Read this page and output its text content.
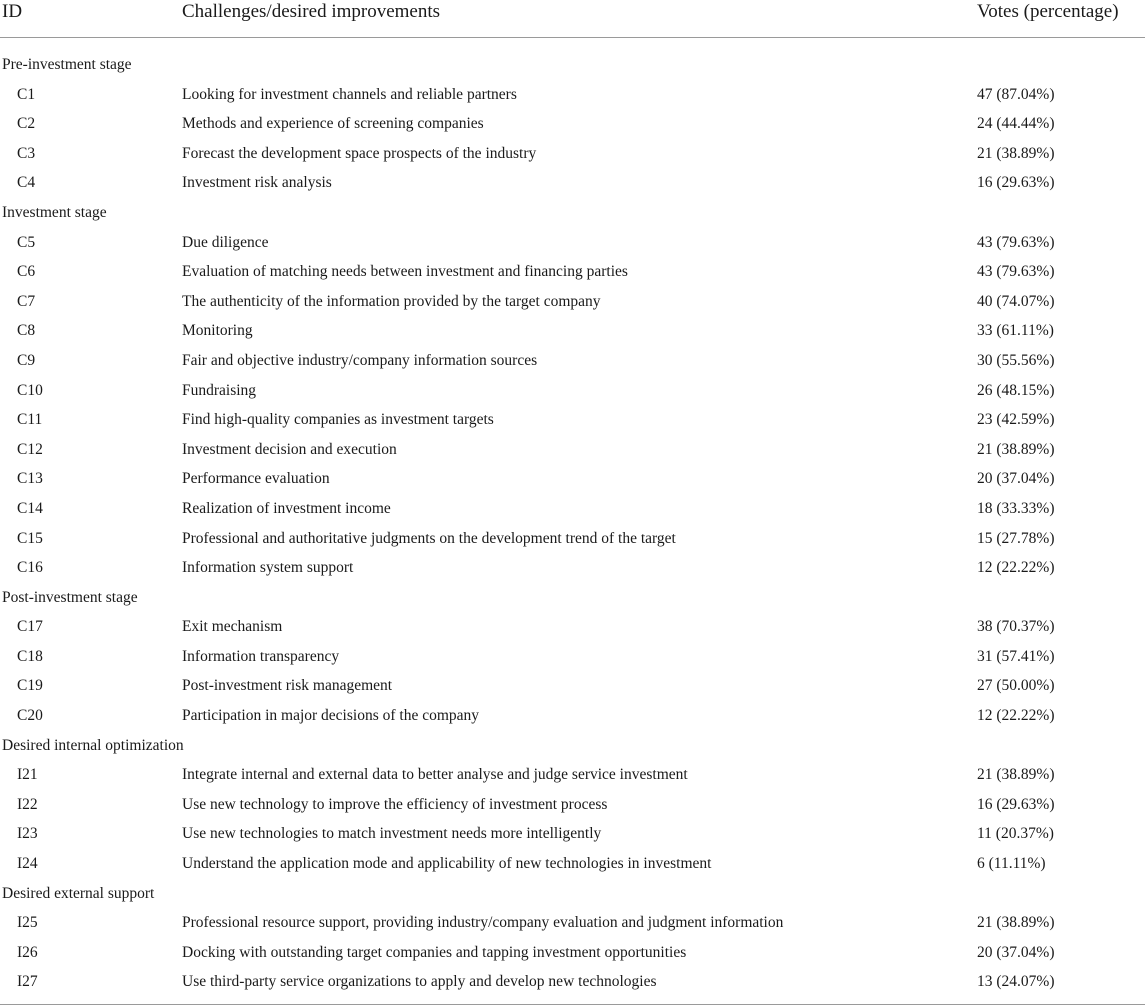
ID	Challenges/desired improvements	Votes (percentage)
Pre-investment stage
C1	Looking for investment channels and reliable partners	47 (87.04%)
C2	Methods and experience of screening companies	24 (44.44%)
C3	Forecast the development space prospects of the industry	21 (38.89%)
C4	Investment risk analysis	16 (29.63%)
Investment stage
C5	Due diligence	43 (79.63%)
C6	Evaluation of matching needs between investment and financing parties	43 (79.63%)
C7	The authenticity of the information provided by the target company	40 (74.07%)
C8	Monitoring	33 (61.11%)
C9	Fair and objective industry/company information sources	30 (55.56%)
C10	Fundraising	26 (48.15%)
C11	Find high-quality companies as investment targets	23 (42.59%)
C12	Investment decision and execution	21 (38.89%)
C13	Performance evaluation	20 (37.04%)
C14	Realization of investment income	18 (33.33%)
C15	Professional and authoritative judgments on the development trend of the target	15 (27.78%)
C16	Information system support	12 (22.22%)
Post-investment stage
C17	Exit mechanism	38 (70.37%)
C18	Information transparency	31 (57.41%)
C19	Post-investment risk management	27 (50.00%)
C20	Participation in major decisions of the company	12 (22.22%)
Desired internal optimization
I21	Integrate internal and external data to better analyse and judge service investment	21 (38.89%)
I22	Use new technology to improve the efficiency of investment process	16 (29.63%)
I23	Use new technologies to match investment needs more intelligently	11 (20.37%)
I24	Understand the application mode and applicability of new technologies in investment	6 (11.11%)
Desired external support
I25	Professional resource support, providing industry/company evaluation and judgment information	21 (38.89%)
I26	Docking with outstanding target companies and tapping investment opportunities	20 (37.04%)
I27	Use third-party service organizations to apply and develop new technologies	13 (24.07%)
